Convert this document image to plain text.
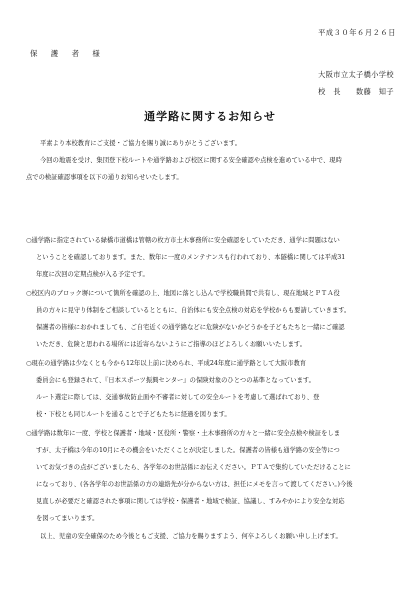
平成３０年６月２６日
保　護　者　様
大阪市立太子橋小学校
校　長　　数藤　知子
通学路に関するお知らせ
平素より本校教育にご支援・ご協力を賜り誠にありがとうございます。
今回の地震を受け、集団登下校ルートや通学路および校区に関する安全確認や点検を進めている中で、現時
点での検証確認事項を以下の通りお知らせいたします。
○通学路に指定されている緑橋市道橋は管轄の枚方市土木事務所に安全確認をしていただき、通学に問題はない
ということを確認しております。また、数年に一度のメンテナンスも行われており、本隧橋に関しては平成31
年度に次回の定期点検が入る予定です。
○校区内のブロック塀について箇所を確認の上、地図に落とし込んで学校職員間で共有し、現在地域とＰＴＡ役
員の方々に見守り体制をご相談しているとともに、自治体にも安全点検の対応を学校からも要請していきます。
保護者の皆様におかれましても、ご自宅近くの通学路などに危険がないかどうかを子どもたちと一緒にご確認
いただき、危険と思われる場所には近寄らないようにご指導のほどよろしくお願いいたします。
○現在の通学路は少なくとも今から12年以上前に決められ、平成24年度に通学路として大阪市教育
委員会にも登録されて、『日本スポーツ振興センター』の保険対象のひとつの基準となっています。
ルート選定に際しては、交通事故防止面や不審者に対しての安全ルートを考慮して選ばれており、登
校・下校とも同じルートを通ることで子どもたちに経過を図ります。
○通学路は数年に一度、学校と保護者・地域・区役所・警察・土木事務所の方々と一緒に安全点検や検証をしま
すが、太子橋は今年の10月にその機会をいただくことが決定しました。保護者の皆様も通学路の安全等につ
いてお気づきの点がございましたら、各学年のお世話係にお伝えください。ＰＴＡで集約していただけることに
になっており、(各各学年のお世話係の方の連絡先が分からない方は、担任にメモを言って渡してください。)今後
見直しが必要だと確認された事項に関しては学校・保護者・地域で検証、協議し、すみやかにより安全な対応
を図ってまいります。
以上、児童の安全確保のため今後ともご支援、ご協力を賜りますよう、何卒よろしくお願い申し上げます。
